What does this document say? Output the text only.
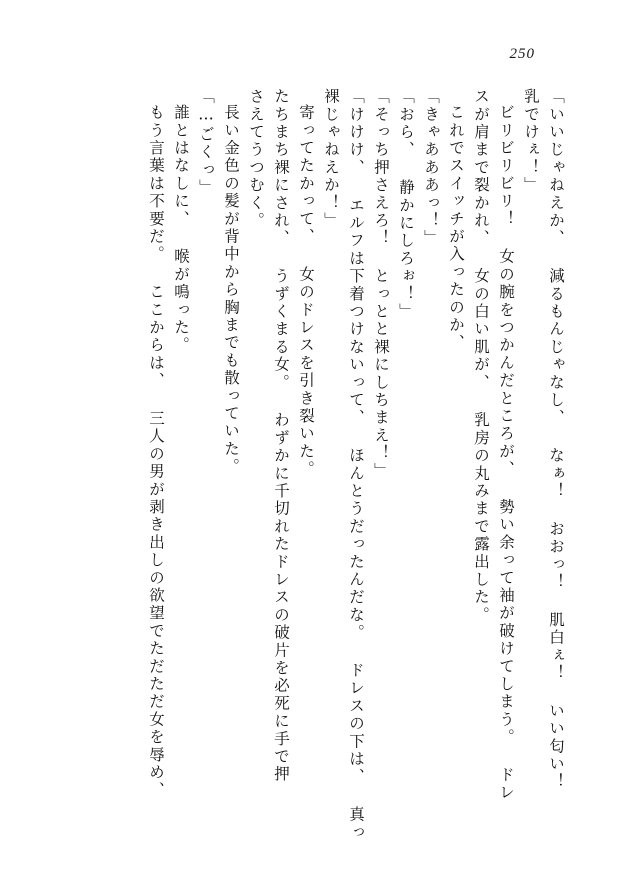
250
「いいじゃねえか、 減るもんじゃなし、 なぁ！ おおっ！ 肌白ぇ！ いい匂い！
乳でけぇ！」
ビリビリビリ！ 女の腕をつかんだところが、 勢い余って袖が破けてしまう。 ドレ
スが肩まで裂かれ、 女の白い肌が、 乳房の丸みまで露出した。
これでスイッチが入ったのか、
「きゃあああっ！」
「おら、 静かにしろぉ！」
「そっち押さえろ！ とっとと裸にしちまえ！」
「けけけ、 エルフは下着つけないって、 ほんとうだったんだな。 ドレスの下は、 真っ
裸じゃねえか！」
寄ってたかって、 女のドレスを引き裂いた。
たちまち裸にされ、 うずくまる女。 わずかに千切れたドレスの破片を必死に手で押
さえてうつむく。
長い金色の髪が背中から胸までも散っていた。
「…ごくっ」
誰とはなしに、 喉が鳴った。
もう言葉は不要だ。 ここからは、 三人の男が剥き出しの欲望でただただ女を辱め、
